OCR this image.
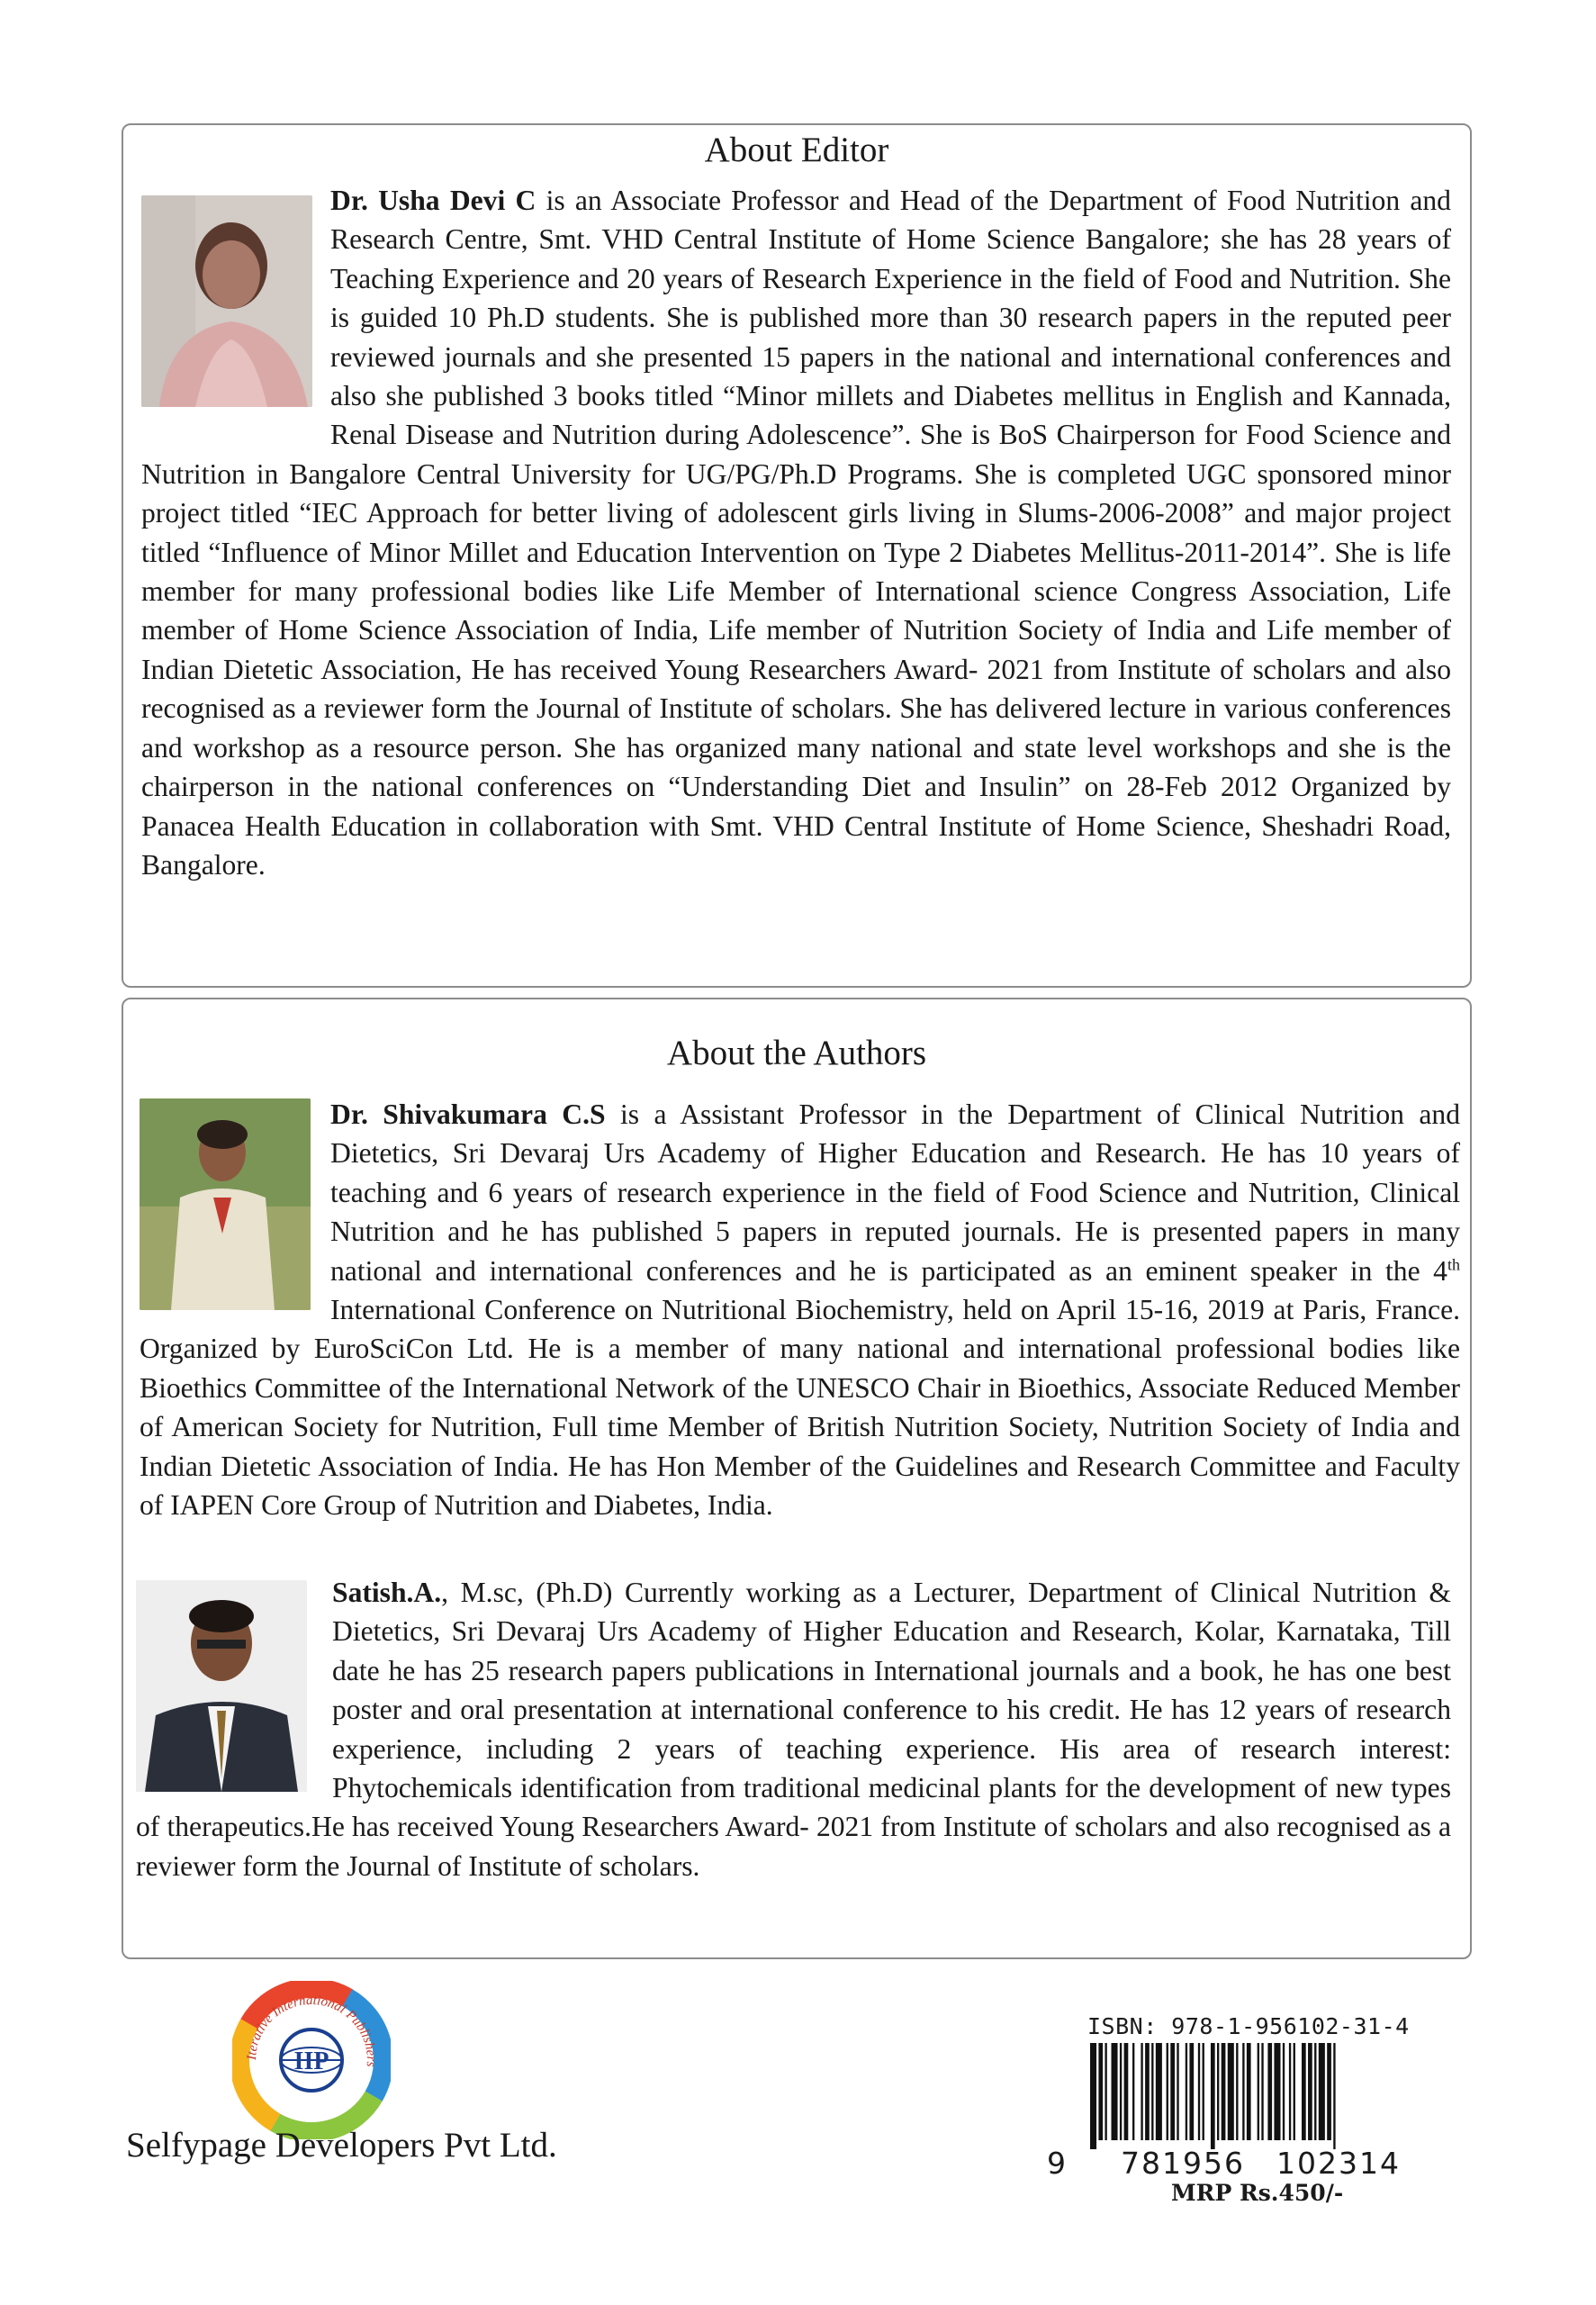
About Editor

Dr. Usha Devi C is an Associate Professor and Head of the Department of Food Nutrition and Research Centre, Smt. VHD Central Institute of Home Science Bangalore; she has 28 years of Teaching Experience and 20 years of Research Experience in the field of Food and Nutrition. She is guided 10 Ph.D students. She is published more than 30 research papers in the reputed peer reviewed journals and she presented 15 papers in the national and international conferences and also she published 3 books titled “Minor millets and Diabetes mellitus in English and Kannada, Renal Disease and Nutrition during Adolescence”. She is BoS Chairperson for Food Science and Nutrition in Bangalore Central University for UG/PG/Ph.D Programs. She is completed UGC sponsored minor project titled “IEC Approach for better living of adolescent girls living in Slums-2006-2008” and major project titled “Influence of Minor Millet and Education Intervention on Type 2 Diabetes Mellitus-2011-2014”. She is life member for many professional bodies like Life Member of International science Congress Association, Life member of Home Science Association of India, Life member of Nutrition Society of India and Life member of Indian Dietetic Association, He has received Young Researchers Award- 2021 from Institute of scholars and also recognised as a reviewer form the Journal of Institute of scholars. She has delivered lecture in various conferences and workshop as a resource person. She has organized many national and state level workshops and she is the chairperson in the national conferences on “Understanding Diet and Insulin” on 28-Feb 2012 Organized by Panacea Health Education in collaboration with Smt. VHD Central Institute of Home Science, Sheshadri Road, Bangalore.

About the Authors

Dr. Shivakumara C.S is a Assistant Professor in the Department of Clinical Nutrition and Dietetics, Sri Devaraj Urs Academy of Higher Education and Research. He has 10 years of teaching and 6 years of research experience in the field of Food Science and Nutrition, Clinical Nutrition and he has published 5 papers in reputed journals. He is presented papers in many national and international conferences and he is participated as an eminent speaker in the 4th International Conference on Nutritional Biochemistry, held on April 15-16, 2019 at Paris, France. Organized by EuroSciCon Ltd. He is a member of many national and international professional bodies like Bioethics Committee of the International Network of the UNESCO Chair in Bioethics, Associate Reduced Member of American Society for Nutrition, Full time Member of British Nutrition Society, Nutrition Society of India and Indian Dietetic Association of India. He has Hon Member of the Guidelines and Research Committee and Faculty of IAPEN Core Group of Nutrition and Diabetes, India.

Satish.A., M.sc, (Ph.D) Currently working as a Lecturer, Department of Clinical Nutrition & Dietetics, Sri Devaraj Urs Academy of Higher Education and Research, Kolar, Karnataka, Till date he has 25 research papers publications in International journals and a book, he has one best poster and oral presentation at international conference to his credit. He has 12 years of research experience, including 2 years of teaching experience. His area of research interest: Phytochemicals identification from traditional medicinal plants for the development of new types of therapeutics.He has received Young Researchers Award- 2021 from Institute of scholars and also recognised as a reviewer form the Journal of Institute of scholars.

Iterative International Publishers
IIP
Selfypage Developers Pvt Ltd.
ISBN: 978-1-956102-31-4
9 781956 102314
MRP Rs.450/-
